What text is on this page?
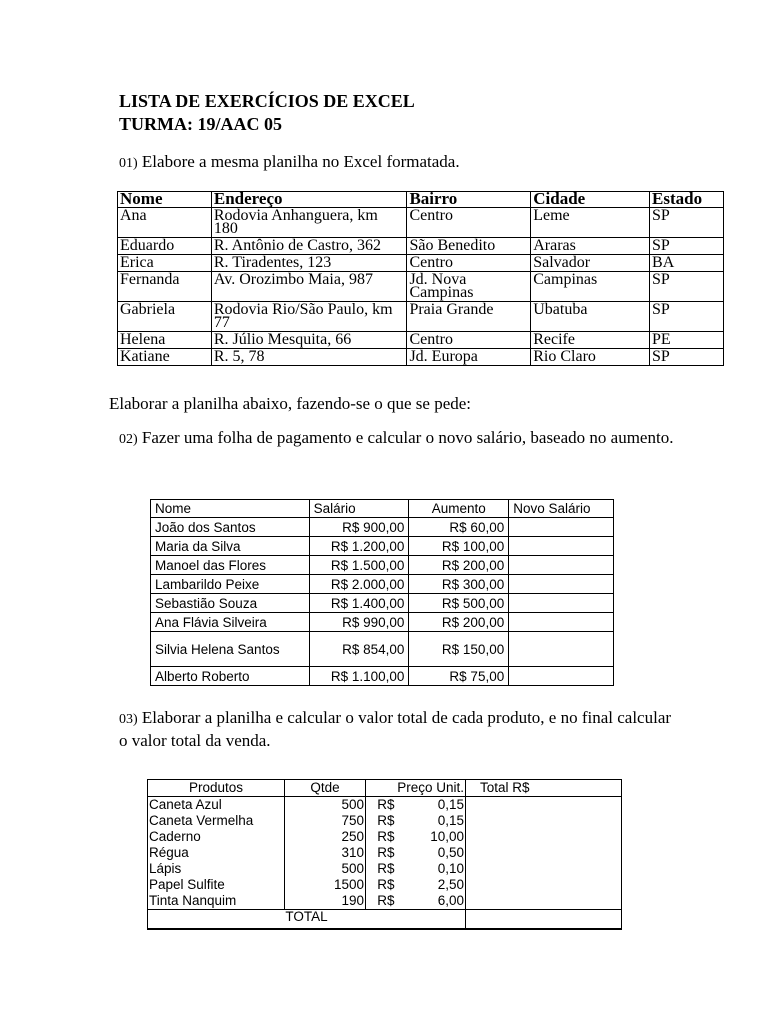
LISTA DE EXERCÍCIOS DE EXCEL
TURMA: 19/AAC 05
01) Elabore a mesma planilha no Excel formatada.
Nome	Endereço	Bairro	Cidade	Estado
Ana	Rodovia Anhanguera, km 180	Centro	Leme	SP
Eduardo	R. Antônio de Castro, 362	São Benedito	Araras	SP
Erica	R. Tiradentes, 123	Centro	Salvador	BA
Fernanda	Av. Orozimbo Maia, 987	Jd. Nova Campinas	Campinas	SP
Gabriela	Rodovia Rio/São Paulo, km 77	Praia Grande	Ubatuba	SP
Helena	R. Júlio Mesquita, 66	Centro	Recife	PE
Katiane	R. 5, 78	Jd. Europa	Rio Claro	SP
Elaborar a planilha abaixo, fazendo-se o que se pede:
02) Fazer uma folha de pagamento e calcular o novo salário, baseado no aumento.
Nome	Salário	Aumento	Novo Salário
João dos Santos	R$ 900,00	R$ 60,00	
Maria da Silva	R$ 1.200,00	R$ 100,00	
Manoel das Flores	R$ 1.500,00	R$ 200,00	
Lambarildo Peixe	R$ 2.000,00	R$ 300,00	
Sebastião Souza	R$ 1.400,00	R$ 500,00	
Ana Flávia Silveira	R$ 990,00	R$ 200,00	
Silvia Helena Santos	R$ 854,00	R$ 150,00	
Alberto Roberto	R$ 1.100,00	R$ 75,00	
03) Elaborar a planilha e calcular o valor total de cada produto, e no final calcular o valor total da venda.
Produtos	Qtde	Preço Unit.		Total R$
Caneta Azul	500	R$	0,15	
Caneta Vermelha	750	R$	0,15	
Caderno	250	R$	10,00	
Régua	310	R$	0,50	
Lápis	500	R$	0,10	
Papel Sulfite	1500	R$	2,50	
Tinta Nanquim	190	R$	6,00	
TOTAL				
